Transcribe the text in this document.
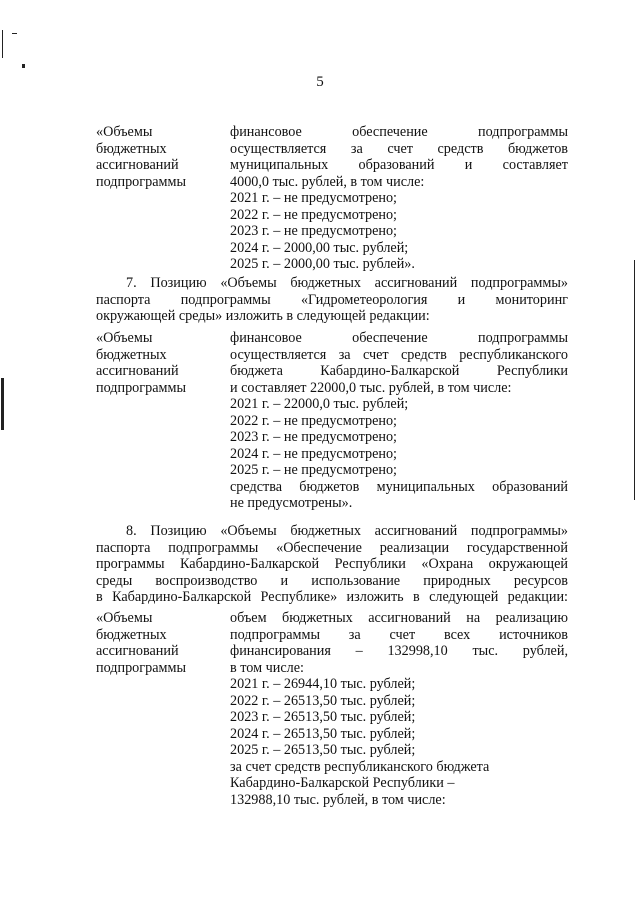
5
«Объемы
бюджетных
ассигнований
подпрограммы
финансовое обеспечение подпрограммы
осуществляется за счет средств бюджетов
муниципальных образований и составляет
4000,0 тыс. рублей, в том числе:
2021 г. – не предусмотрено;
2022 г. – не предусмотрено;
2023 г. – не предусмотрено;
2024 г. – 2000,00 тыс. рублей;
2025 г. – 2000,00 тыс. рублей».
7. Позицию «Объемы бюджетных ассигнований подпрограммы»
паспорта подпрограммы «Гидрометеорология и мониторинг
окружающей среды» изложить в следующей редакции:
«Объемы
бюджетных
ассигнований
подпрограммы
финансовое обеспечение подпрограммы
осуществляется за счет средств республиканского
бюджета Кабардино-Балкарской Республики
и составляет 22000,0 тыс. рублей, в том числе:
2021 г. – 22000,0 тыс. рублей;
2022 г. – не предусмотрено;
2023 г. – не предусмотрено;
2024 г. – не предусмотрено;
2025 г. – не предусмотрено;
средства бюджетов муниципальных образований
не предусмотрены».
8. Позицию «Объемы бюджетных ассигнований подпрограммы»
паспорта подпрограммы «Обеспечение реализации государственной
программы Кабардино-Балкарской Республики «Охрана окружающей
среды воспроизводство и использование природных ресурсов
в Кабардино-Балкарской Республике» изложить в следующей редакции:
«Объемы
бюджетных
ассигнований
подпрограммы
объем бюджетных ассигнований на реализацию
подпрограммы за счет всех источников
финансирования – 132998,10 тыс. рублей,
в том числе:
2021 г. – 26944,10 тыс. рублей;
2022 г. – 26513,50 тыс. рублей;
2023 г. – 26513,50 тыс. рублей;
2024 г. – 26513,50 тыс. рублей;
2025 г. – 26513,50 тыс. рублей;
за счет средств республиканского бюджета
Кабардино-Балкарской Республики –
132988,10 тыс. рублей, в том числе:
